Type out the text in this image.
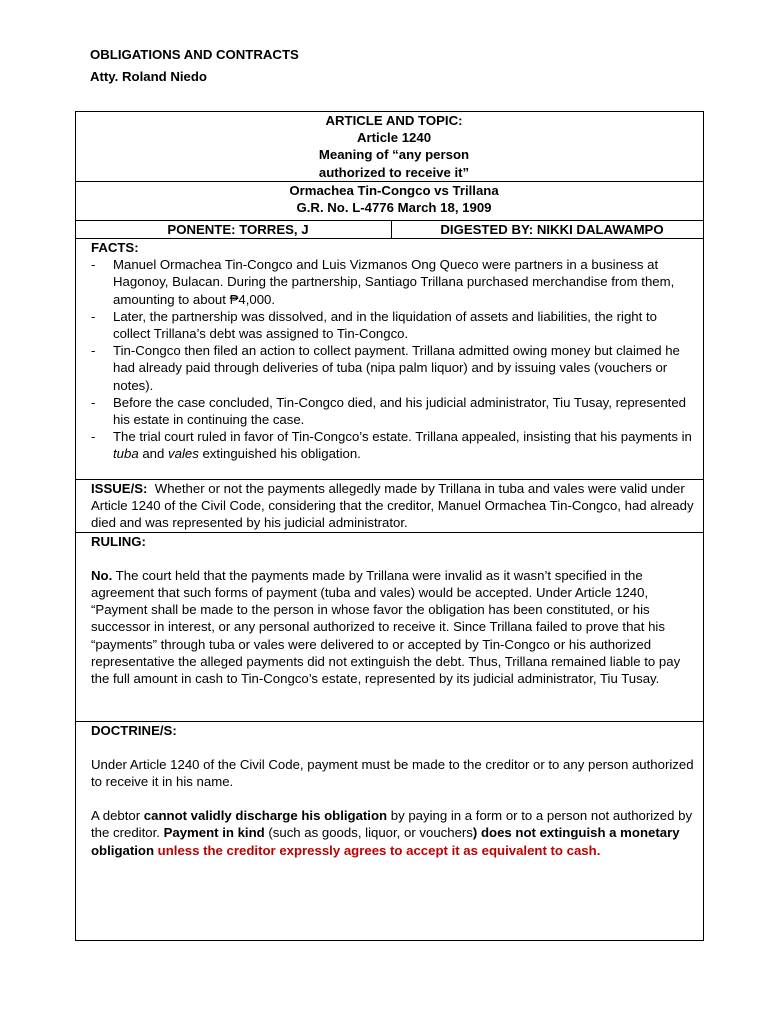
OBLIGATIONS AND CONTRACTS
Atty. Roland Niedo
ARTICLE AND TOPIC:
Article 1240
Meaning of “any person
authorized to receive it”

Ormachea Tin-Congco vs Trillana
G.R. No. L-4776 March 18, 1909

PONENTE: TORRES, J	DIGESTED BY: NIKKI DALAWAMPO

FACTS:
- Manuel Ormachea Tin-Congco and Luis Vizmanos Ong Queco were partners in a business at Hagonoy, Bulacan. During the partnership, Santiago Trillana purchased merchandise from them, amounting to about ₱4,000.
- Later, the partnership was dissolved, and in the liquidation of assets and liabilities, the right to collect Trillana’s debt was assigned to Tin-Congco.
- Tin-Congco then filed an action to collect payment. Trillana admitted owing money but claimed he had already paid through deliveries of tuba (nipa palm liquor) and by issuing vales (vouchers or notes).
- Before the case concluded, Tin-Congco died, and his judicial administrator, Tiu Tusay, represented his estate in continuing the case.
- The trial court ruled in favor of Tin-Congco’s estate. Trillana appealed, insisting that his payments in tuba and vales extinguished his obligation.

ISSUE/S:  Whether or not the payments allegedly made by Trillana in tuba and vales were valid under Article 1240 of the Civil Code, considering that the creditor, Manuel Ormachea Tin-Congco, had already died and was represented by his judicial administrator.

RULING:

No. The court held that the payments made by Trillana were invalid as it wasn’t specified in the agreement that such forms of payment (tuba and vales) would be accepted. Under Article 1240, “Payment shall be made to the person in whose favor the obligation has been constituted, or his successor in interest, or any personal authorized to receive it. Since Trillana failed to prove that his “payments” through tuba or vales were delivered to or accepted by Tin-Congco or his authorized representative the alleged payments did not extinguish the debt. Thus, Trillana remained liable to pay the full amount in cash to Tin-Congco’s estate, represented by its judicial administrator, Tiu Tusay.

DOCTRINE/S:

Under Article 1240 of the Civil Code, payment must be made to the creditor or to any person authorized to receive it in his name.

A debtor cannot validly discharge his obligation by paying in a form or to a person not authorized by the creditor. Payment in kind (such as goods, liquor, or vouchers) does not extinguish a monetary obligation unless the creditor expressly agrees to accept it as equivalent to cash.
